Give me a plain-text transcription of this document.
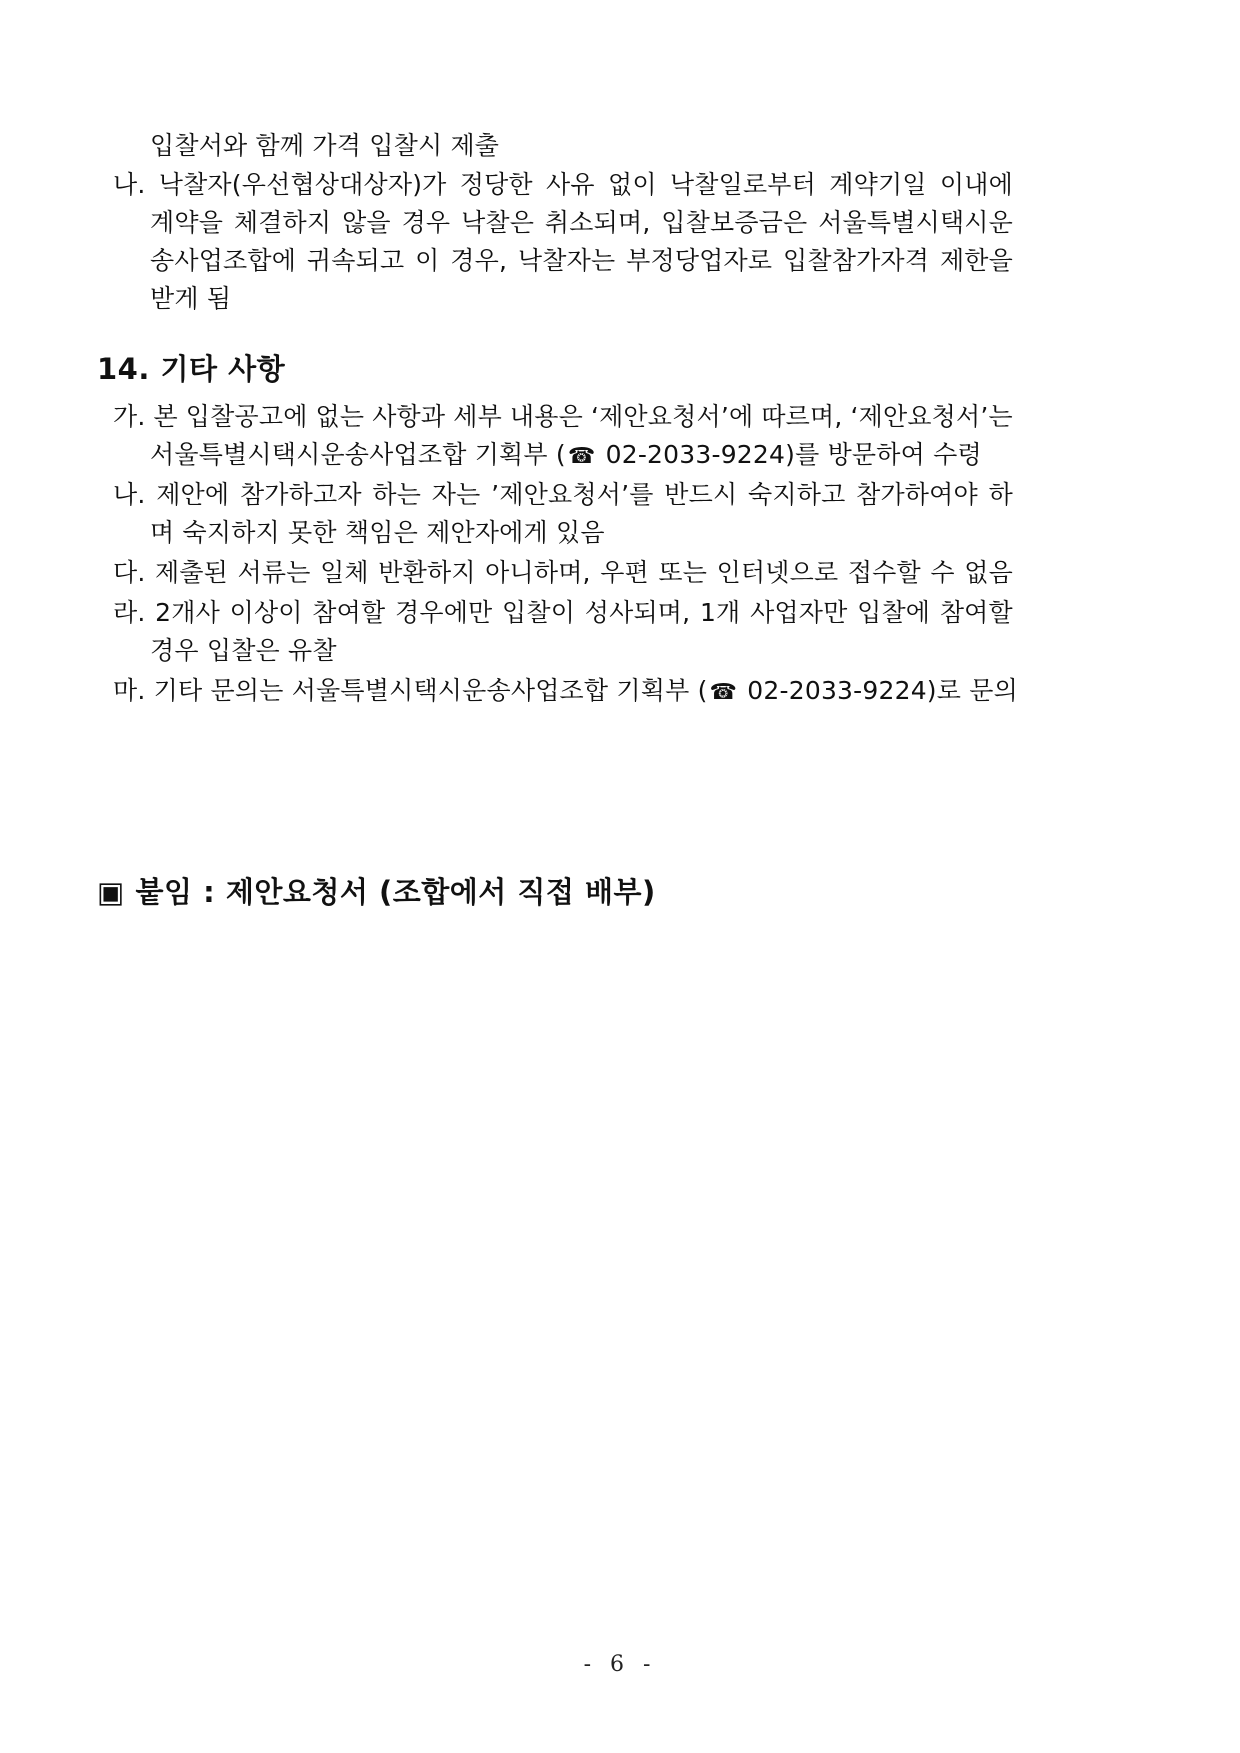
입찰서와 함께 가격 입찰시 제출
나. 낙찰자(우선협상대상자)가 정당한 사유 없이 낙찰일로부터 계약기일 이내에
계약을 체결하지 않을 경우 낙찰은 취소되며, 입찰보증금은 서울특별시택시운
송사업조합에 귀속되고 이 경우, 낙찰자는 부정당업자로 입찰참가자격 제한을
받게 됨
14. 기타 사항
가. 본 입찰공고에 없는 사항과 세부 내용은 ‘제안요청서’에 따르며, ‘제안요청서’는
서울특별시택시운송사업조합 기획부 (☎ 02-2033-9224)를 방문하여 수령
나. 제안에 참가하고자 하는 자는 ’제안요청서’를 반드시 숙지하고 참가하여야 하
며 숙지하지 못한 책임은 제안자에게 있음
다. 제출된 서류는 일체 반환하지 아니하며, 우편 또는 인터넷으로 접수할 수 없음
라. 2개사 이상이 참여할 경우에만 입찰이 성사되며, 1개 사업자만 입찰에 참여할
경우 입찰은 유찰
마. 기타 문의는 서울특별시택시운송사업조합 기획부 (☎ 02-2033-9224)로 문의
▣ 붙임 : 제안요청서 (조합에서 직접 배부)
- 6 -
